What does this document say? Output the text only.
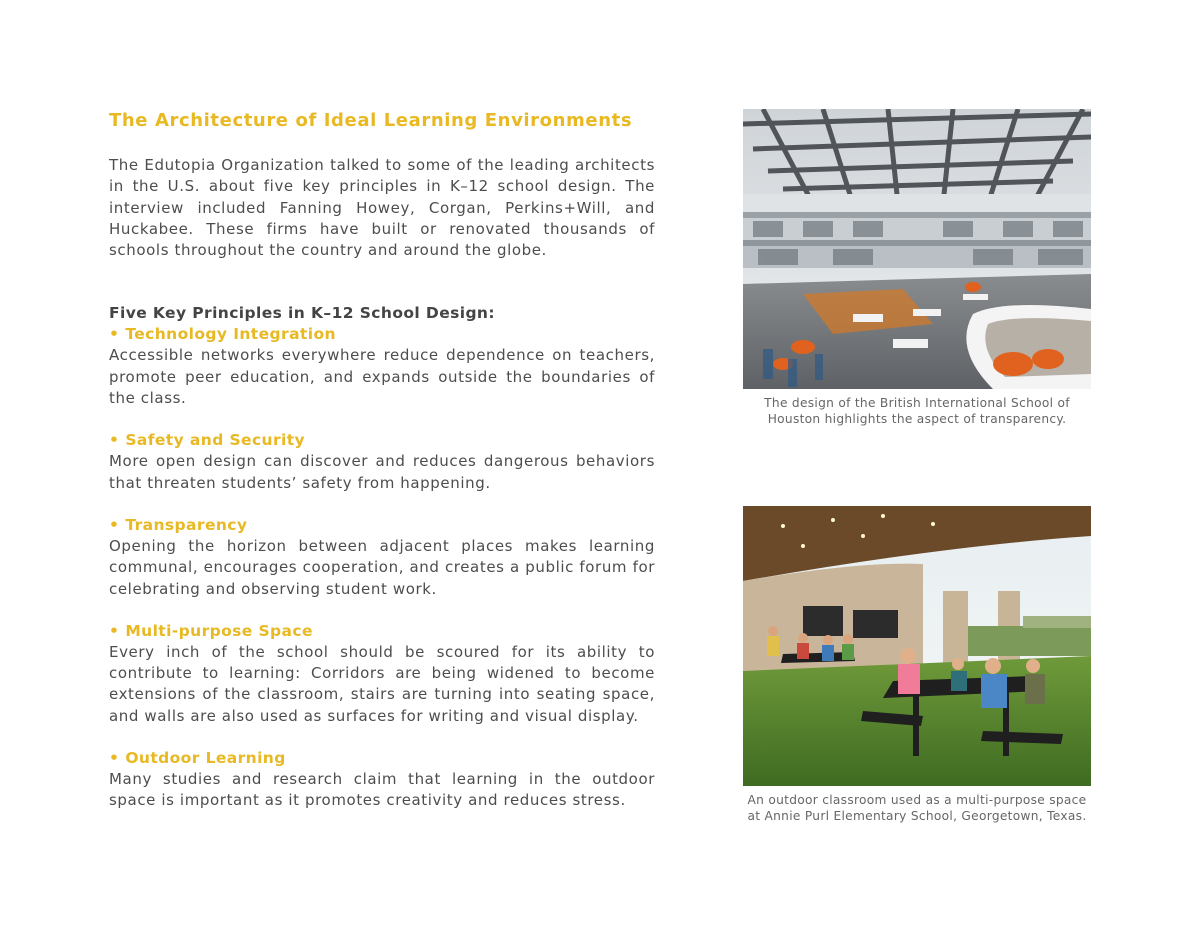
The Architecture of Ideal Learning Environments
The Edutopia Organization talked to some of the leading architects in the U.S. about five key principles in K–12 school design. The interview included Fanning Howey, Corgan, Perkins+Will, and Huckabee. These firms have built or renovated thousands of schools throughout the country and around the globe.
Five Key Principles in K–12 School Design:
• Technology Integration
Accessible networks everywhere reduce dependence on teachers, promote peer education, and expands outside the boundaries of the class.
• Safety and Security
More open design can discover and reduces dangerous behaviors that threaten students’ safety from happening.
• Transparency
Opening the horizon between adjacent places makes learning communal, encourages cooperation, and creates a public forum for celebrating and observing student work.
• Multi-purpose Space
Every inch of the school should be scoured for its ability to contribute to learning: Corridors are being widened to become extensions of the classroom, stairs are turning into seating space, and walls are also used as surfaces for writing and visual display.
• Outdoor Learning
Many studies and research claim that learning in the outdoor space is important as it promotes creativity and reduces stress.
The design of the British International School of
Houston highlights the aspect of transparency.
An outdoor classroom used as a multi-purpose space
at Annie Purl Elementary School, Georgetown, Texas.
